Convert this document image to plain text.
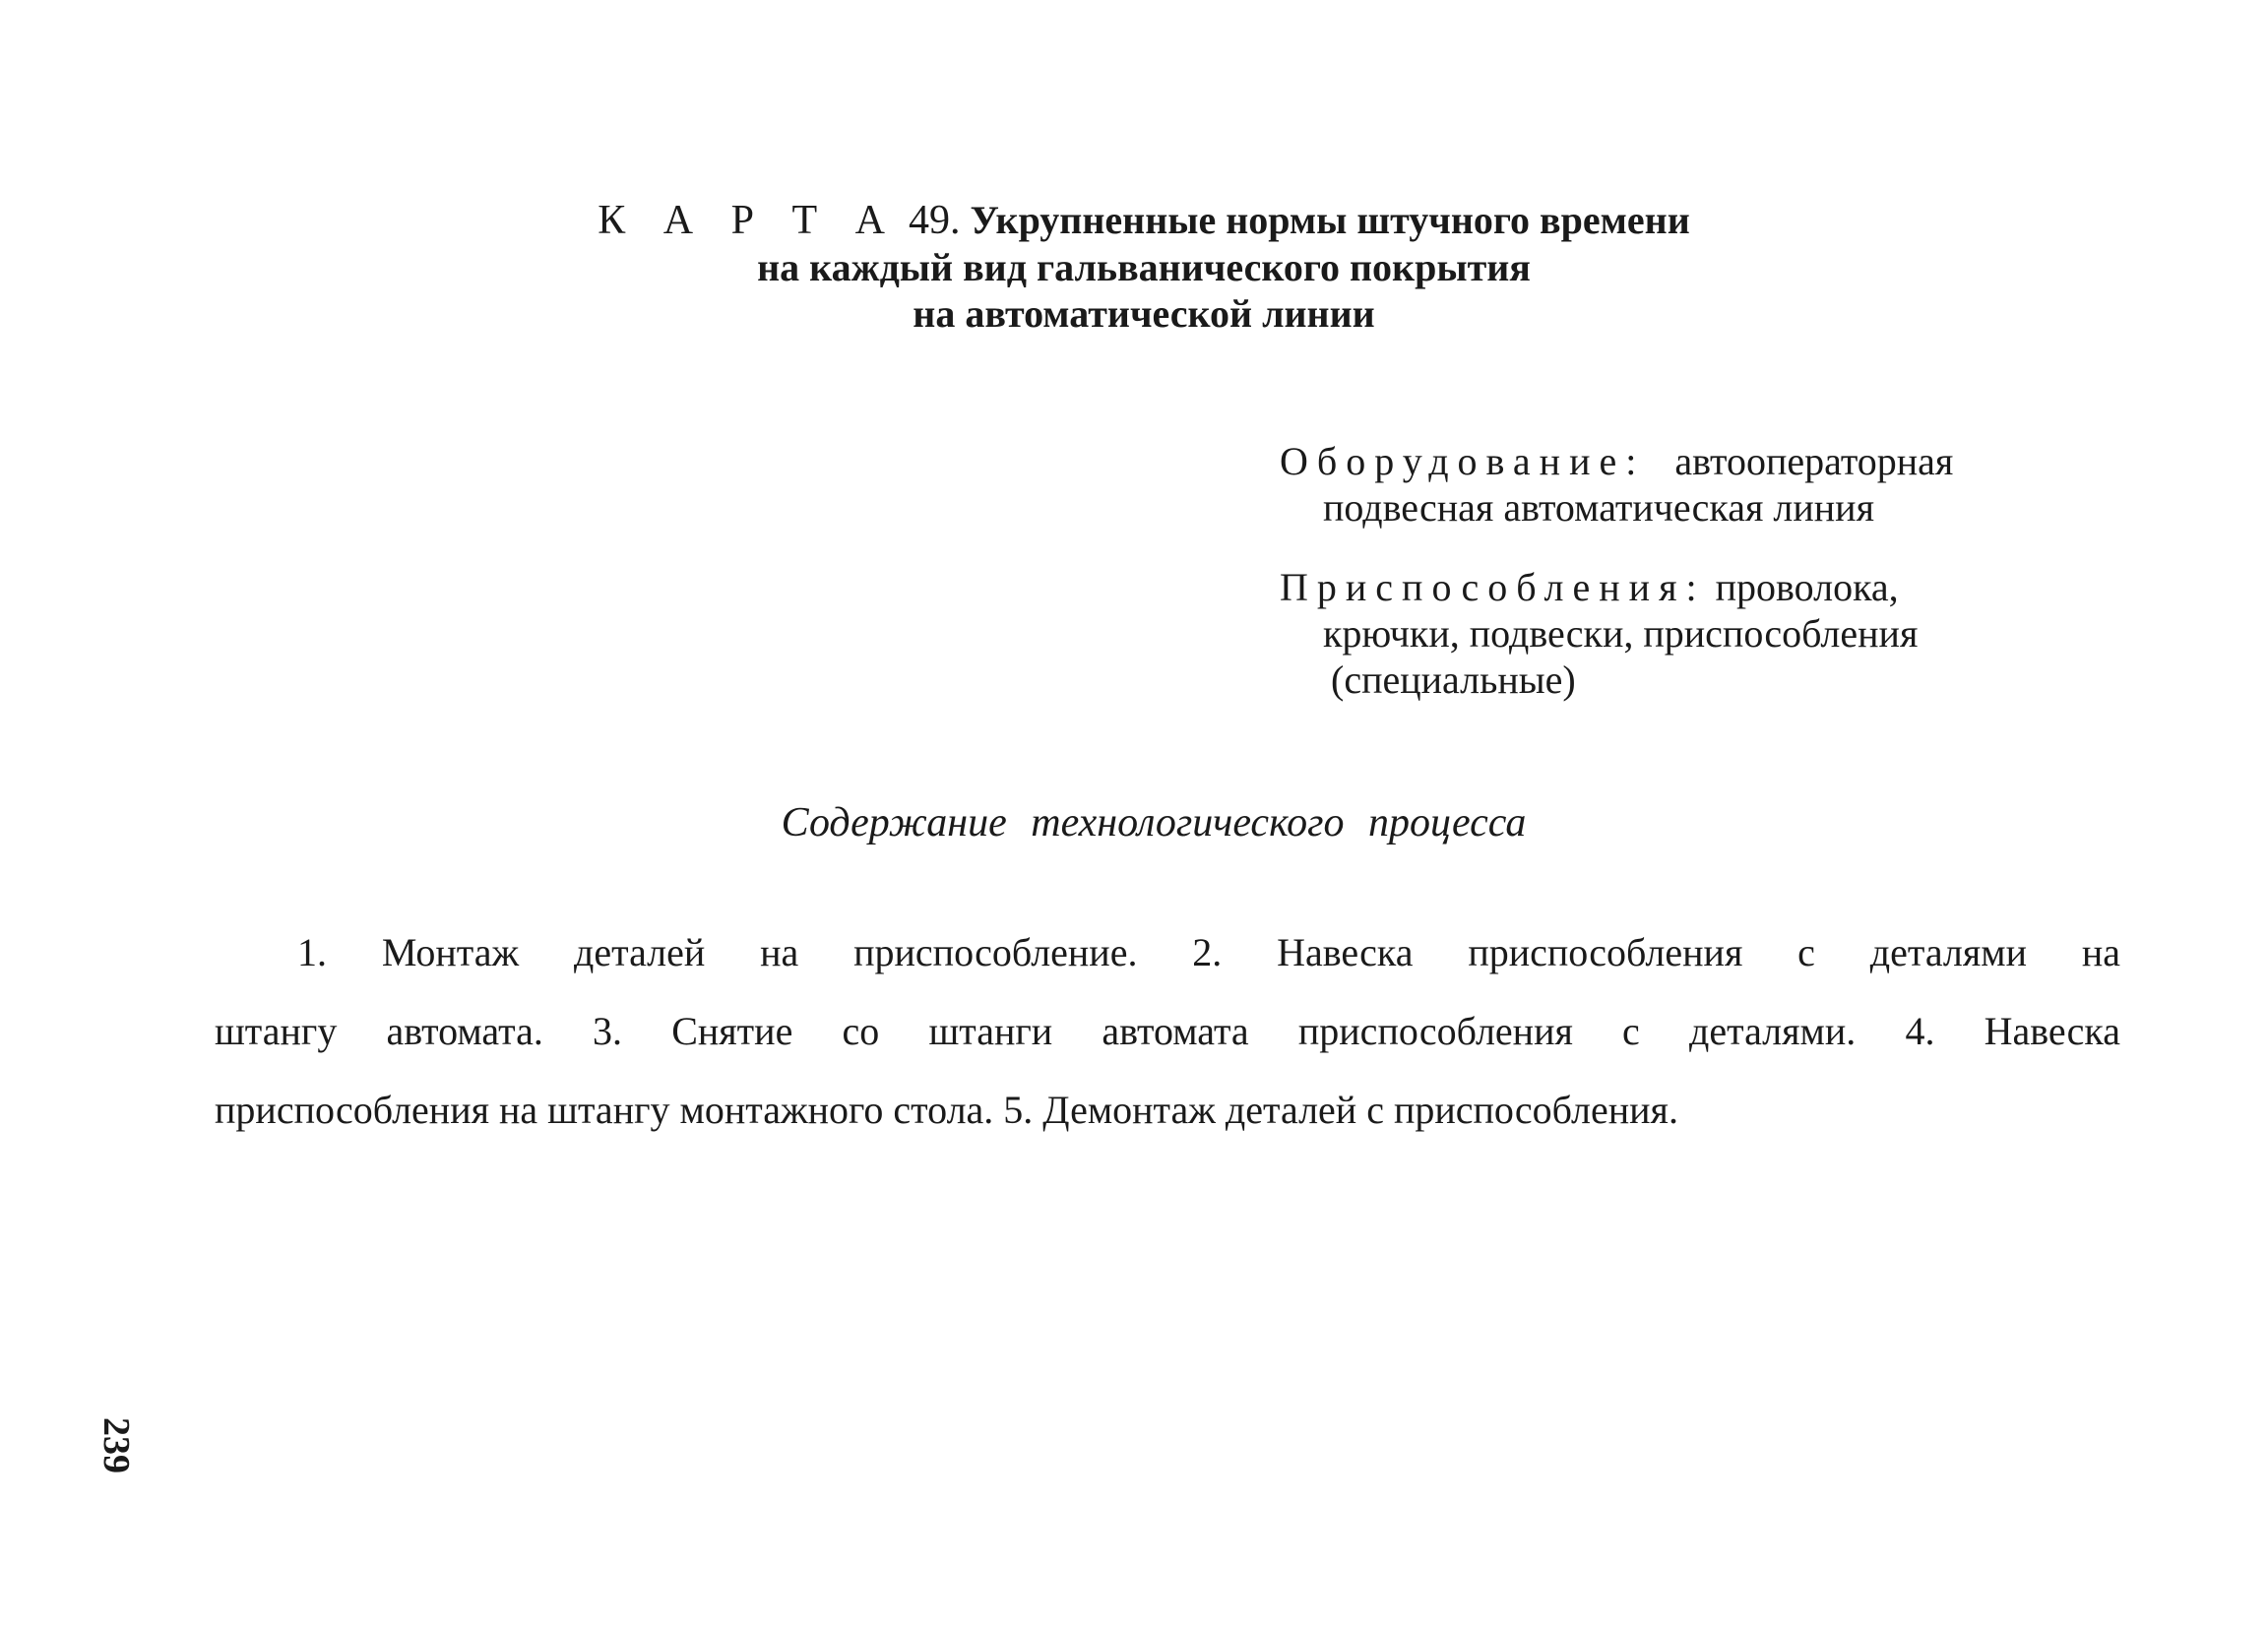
К А Р Т А 49. Укрупненные нормы штучного времени
на каждый вид гальванического покрытия
на автоматической линии
Оборудование: автооператорная
подвесная автоматическая линия
Приспособления: проволока,
крючки, подвески, приспособления
(специальные)
Содержание технологического процесса
1. Монтаж деталей на приспособление. 2. Навеска приспособления с деталями на
штангу автомата. 3. Снятие со штанги автомата приспособления с деталями. 4. Навеска
приспособления на штангу монтажного стола. 5. Демонтаж деталей с приспособления.
239
